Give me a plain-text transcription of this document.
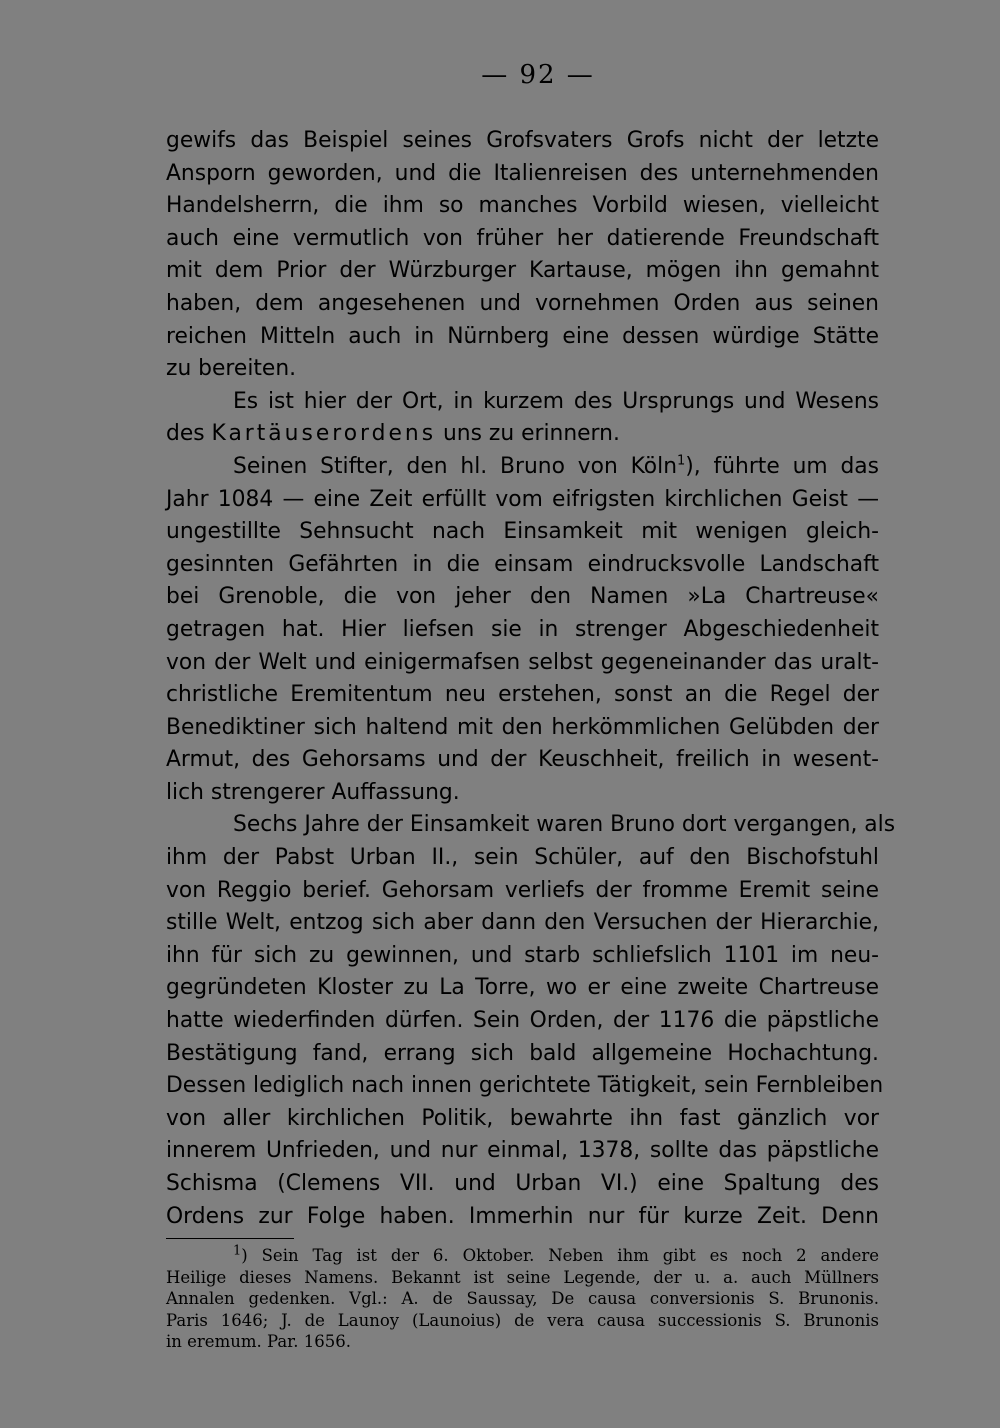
— 92 —

gewifs das Beispiel seines Grofsvaters Grofs nicht der letzte
Ansporn geworden, und die Italienreisen des unternehmenden
Handelsherrn, die ihm so manches Vorbild wiesen, vielleicht
auch eine vermutlich von früher her datierende Freundschaft
mit dem Prior der Würzburger Kartause, mögen ihn gemahnt
haben, dem angesehenen und vornehmen Orden aus seinen
reichen Mitteln auch in Nürnberg eine dessen würdige Stätte
zu bereiten.

Es ist hier der Ort, in kurzem des Ursprungs und Wesens
des Kartäuserordens uns zu erinnern.

Seinen Stifter, den hl. Bruno von Köln$^1$), führte um das
Jahr 1084 — eine Zeit erfüllt vom eifrigsten kirchlichen Geist —
ungestillte Sehnsucht nach Einsamkeit mit wenigen gleich-
gesinnten Gefährten in die einsam eindrucksvolle Landschaft
bei Grenoble, die von jeher den Namen »La Chartreuse«
getragen hat. Hier liefsen sie in strenger Abgeschiedenheit
von der Welt und einigermafsen selbst gegeneinander das uralt-
christliche Eremitentum neu erstehen, sonst an die Regel der
Benediktiner sich haltend mit den herkömmlichen Gelübden der
Armut, des Gehorsams und der Keuschheit, freilich in wesent-
lich strengerer Auffassung.

Sechs Jahre der Einsamkeit waren Bruno dort vergangen, als
ihm der Pabst Urban II., sein Schüler, auf den Bischofstuhl
von Reggio berief. Gehorsam verliefs der fromme Eremit seine
stille Welt, entzog sich aber dann den Versuchen der Hierarchie,
ihn für sich zu gewinnen, und starb schliefslich 1101 im neu-
gegründeten Kloster zu La Torre, wo er eine zweite Chartreuse
hatte wiederfinden dürfen. Sein Orden, der 1176 die päpstliche
Bestätigung fand, errang sich bald allgemeine Hochachtung.
Dessen lediglich nach innen gerichtete Tätigkeit, sein Fernbleiben
von aller kirchlichen Politik, bewahrte ihn fast gänzlich vor
innerem Unfrieden, und nur einmal, 1378, sollte das päpstliche
Schisma (Clemens VII. und Urban VI.) eine Spaltung des
Ordens zur Folge haben. Immerhin nur für kurze Zeit. Denn

$^1$) Sein Tag ist der 6. Oktober. Neben ihm gibt es noch 2 andere
Heilige dieses Namens. Bekannt ist seine Legende, der u. a. auch Müllners
Annalen gedenken. Vgl.: A. de Saussay, De causa conversionis S. Brunonis.
Paris 1646; J. de Launoy (Launoius) de vera causa successionis S. Brunonis
in eremum. Par. 1656.
